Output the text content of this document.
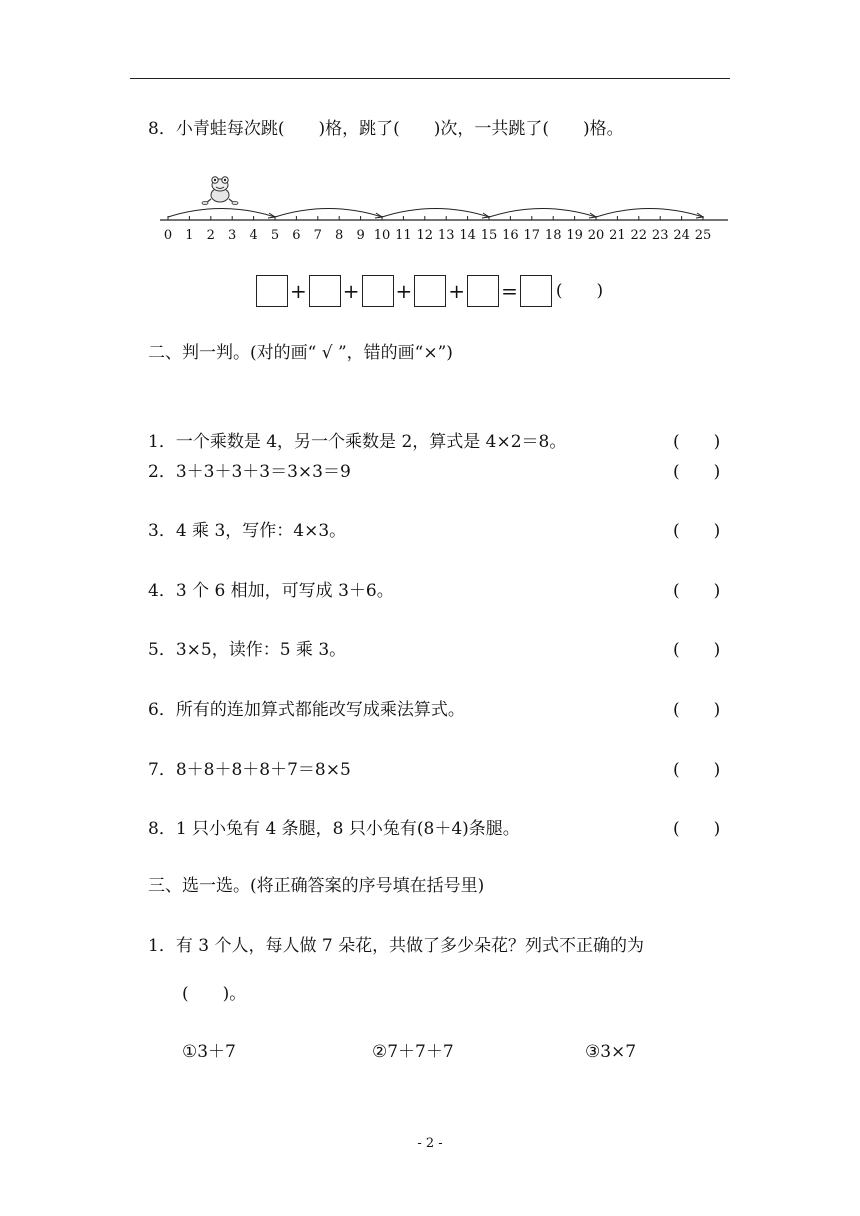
8．小青蛙每次跳(　　)格，跳了(　　)次，一共跳了(　　)格。
0 1 2 3 4 5 6 7 8 9 10 11 12 13 14 15 16 17 18 19 20 21 22 23 24 25
+ + + + = (　　)
二、判一判。(对的画“ √ ”，错的画“×”)
1．一个乘数是 4，另一个乘数是 2，算式是 4×2＝8。	(　　)
2．3＋3＋3＋3＝3×3＝9	(　　)
3．4 乘 3，写作：4×3。	(　　)
4．3 个 6 相加，可写成 3＋6。	(　　)
5．3×5，读作：5 乘 3。	(　　)
6．所有的连加算式都能改写成乘法算式。	(　　)
7．8＋8＋8＋8＋7＝8×5	(　　)
8．1 只小兔有 4 条腿，8 只小兔有(8＋4)条腿。	(　　)
三、选一选。(将正确答案的序号填在括号里)
1．有 3 个人，每人做 7 朵花，共做了多少朵花？列式不正确的为
(　　)。
①3＋7	②7＋7＋7	③3×7
- 2 -
